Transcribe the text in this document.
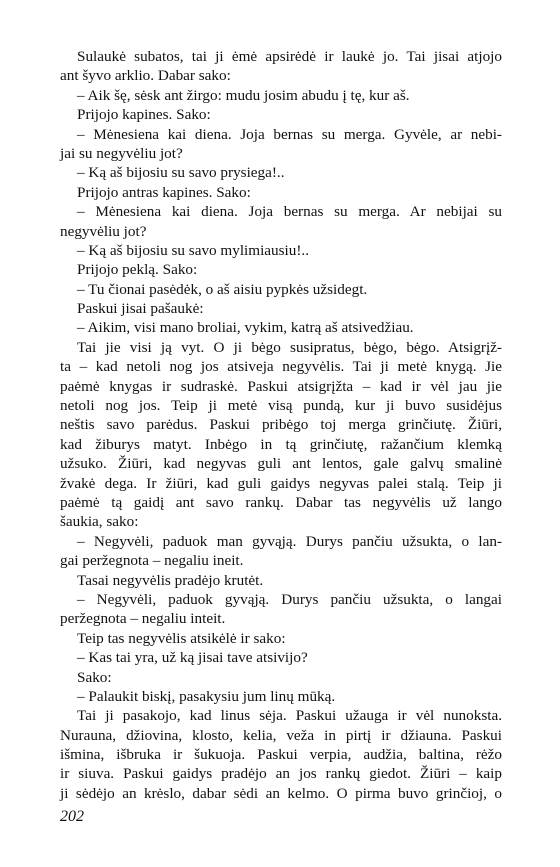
Sulaukė subatos, tai ji ėmė apsirėdė ir laukė jo. Tai jisai atjojo
ant šyvo arklio. Dabar sako:
– Aik šę, sėsk ant žirgo: mudu josim abudu į tę, kur aš.
Prijojo kapines. Sako:
– Mėnesiena kai diena. Joja bernas su merga. Gyvėle, ar nebi-
jai su negyvėliu jot?
– Ką aš bijosiu su savo prysiega!..
Prijojo antras kapines. Sako:
– Mėnesiena kai diena. Joja bernas su merga. Ar nebijai su
negyvėliu jot?
– Ką aš bijosiu su savo mylimiausiu!..
Prijojo peklą. Sako:
– Tu čionai pasėdėk, o aš aisiu pypkės užsidegt.
Paskui jisai pašaukė:
– Aikim, visi mano broliai, vykim, katrą aš atsivedžiau.
Tai jie visi ją vyt. O ji bėgo susipratus, bėgo, bėgo. Atsigrįž-
ta – kad netoli nog jos atsiveja negyvėlis. Tai ji metė knygą. Jie
paėmė knygas ir sudraskė. Paskui atsigrįžta – kad ir vėl jau jie
netoli nog jos. Teip ji metė visą pundą, kur ji buvo susidėjus
neštis savo parėdus. Paskui pribėgo toj merga grinčiutę. Žiūri,
kad žiburys matyt. Inbėgo in tą grinčiutę, ražančium klemką
užsuko. Žiūri, kad negyvas guli ant lentos, gale galvų smalinė
žvakė dega. Ir žiūri, kad guli gaidys negyvas palei stalą. Teip ji
paėmė tą gaidį ant savo rankų. Dabar tas negyvėlis už lango
šaukia, sako:
– Negyvėli, paduok man gyvąją. Durys pančiu užsukta, o lan-
gai peržegnota – negaliu ineit.
Tasai negyvėlis pradėjo krutėt.
– Negyvėli, paduok gyvąją. Durys pančiu užsukta, o langai
peržegnota – negaliu inteit.
Teip tas negyvėlis atsikėlė ir sako:
– Kas tai yra, už ką jisai tave atsivijo?
Sako:
– Palaukit biskį, pasakysiu jum linų mūką.
Tai ji pasakojo, kad linus sėja. Paskui užauga ir vėl nunoksta.
Nurauna, džiovina, klosto, kelia, veža in pirtį ir džiauna. Paskui
išmina, išbruka ir šukuoja. Paskui verpia, audžia, baltina, rėžo
ir siuva. Paskui gaidys pradėjo an jos rankų giedot. Žiūri – kaip
ji sėdėjo an krėslo, dabar sėdi an kelmo. O pirma buvo grinčioj, o
202
